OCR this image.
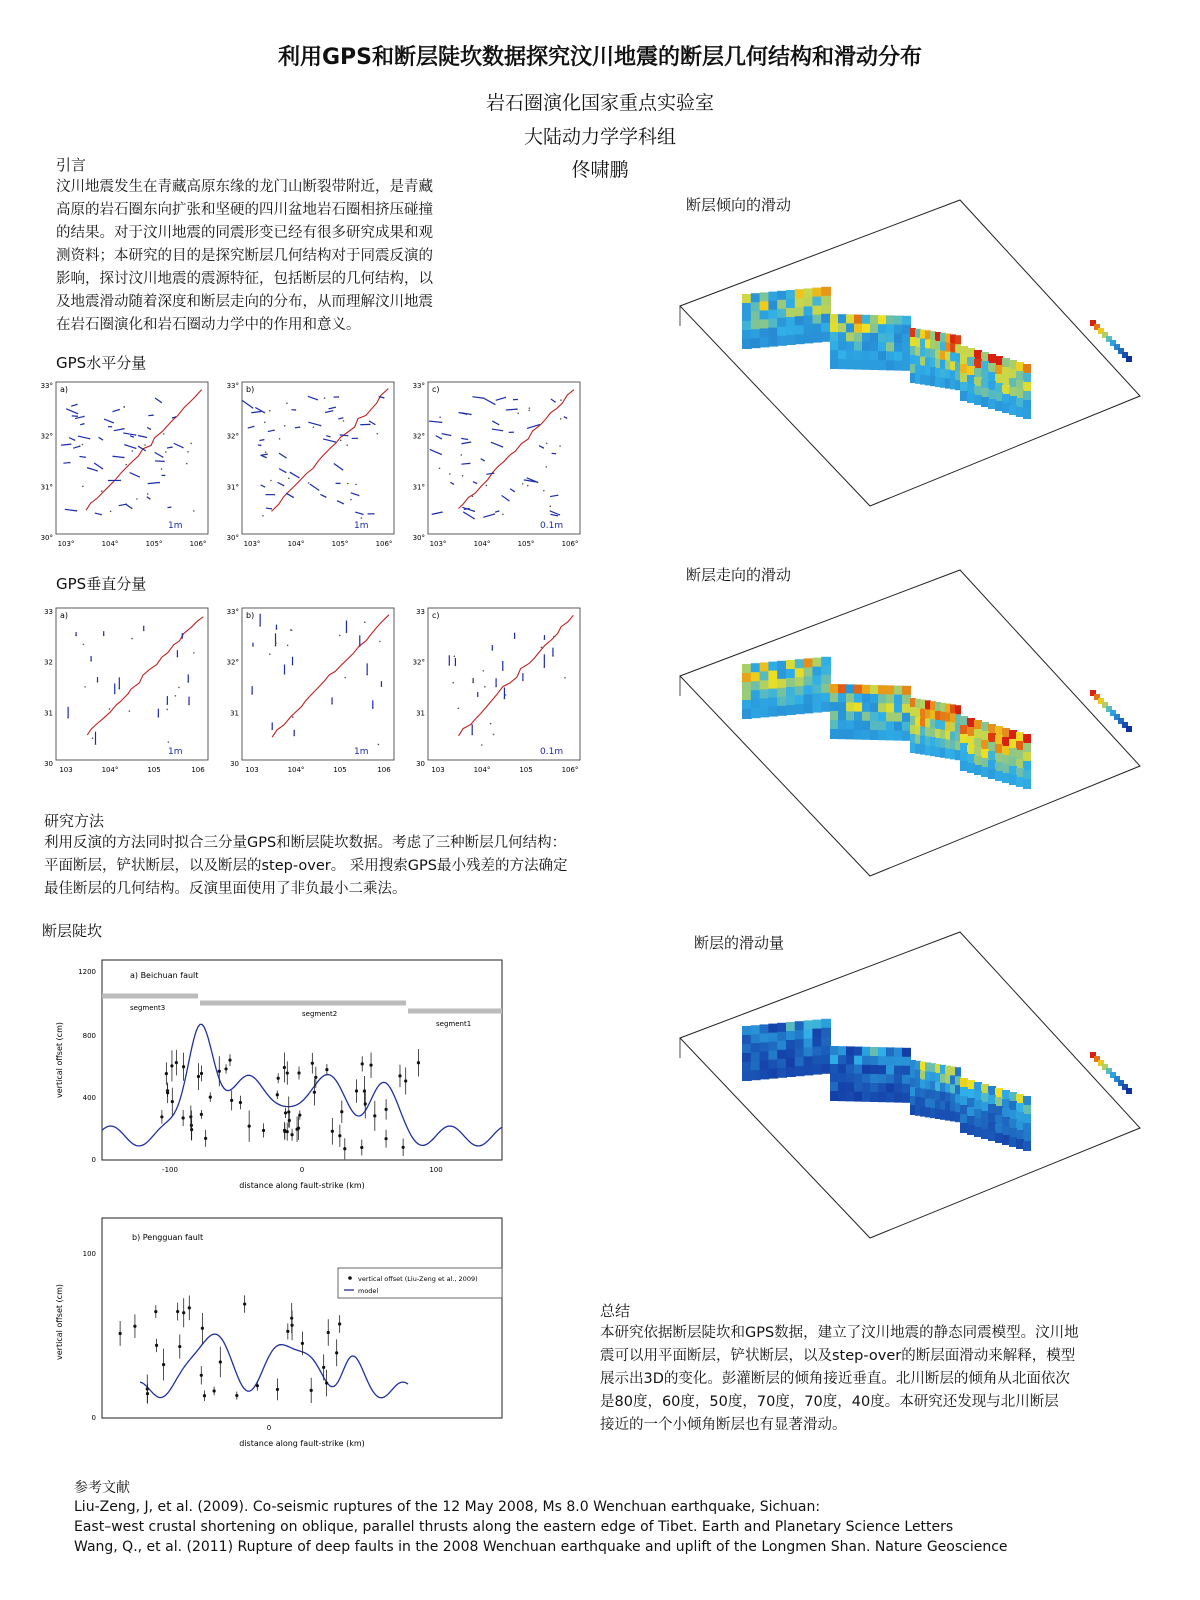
利用GPS和断层陡坎数据探究汶川地震的断层几何结构和滑动分布
岩石圈演化国家重点实验室
大陆动力学学科组
佟啸鹏
引言
汶川地震发生在青藏高原东缘的龙门山断裂带附近，是青藏
高原的岩石圈东向扩张和坚硬的四川盆地岩石圈相挤压碰撞
的结果。对于汶川地震的同震形变已经有很多研究成果和观
测资料；本研究的目的是探究断层几何结构对于同震反演的
影响，探讨汶川地震的震源特征，包括断层的几何结构，以
及地震滑动随着深度和断层走向的分布，从而理解汶川地震
在岩石圈演化和岩石圈动力学中的作用和意义。
GPS水平分量
a)
33°
32°
31°
30°
103°	104°	105°	106°
1m
b)
33°
32°
31°
30°
103°	104°	105°	106°
1m
c)
33°
32°
31°
30°
103°	104°	105°	106°
0.1m
GPS垂直分量
a)
33
32
31
30
103	104°	105	106
1m
b)
33°
32°
31
30
103	104°	105	106
1m
c)
33
32°
31
30
103	104°	105	106°
0.1m
研究方法
利用反演的方法同时拟合三分量GPS和断层陡坎数据。考虑了三种断层几何结构：
平面断层，铲状断层，以及断层的step-over。 采用搜索GPS最小残差的方法确定
最佳断层的几何结构。反演里面使用了非负最小二乘法。
断层陡坎
a) Beichuan fault
vertical offset (cm)
distance along fault-strike (km)
1200
800
400
0
-100	0	100
segment3
segment2
segment1
b) Pengguan fault
vertical offset (cm)
distance along fault-strike (km)
100
0
0
vertical offset (Liu-Zeng et al., 2009)
model
断层倾向的滑动
断层走向的滑动
断层的滑动量
总结
本研究依据断层陡坎和GPS数据，建立了汶川地震的静态同震模型。汶川地
震可以用平面断层，铲状断层，以及step-over的断层面滑动来解释，模型
展示出3D的变化。彭灌断层的倾角接近垂直。北川断层的倾角从北面依次
是80度，60度，50度，70度，70度，40度。本研究还发现与北川断层
接近的一个小倾角断层也有显著滑动。
参考文献
Liu-Zeng, J, et al. (2009). Co-seismic ruptures of the 12 May 2008, Ms 8.0 Wenchuan earthquake, Sichuan:
East–west crustal shortening on oblique, parallel thrusts along the eastern edge of Tibet. Earth and Planetary Science Letters
Wang, Q., et al. (2011) Rupture of deep faults in the 2008 Wenchuan earthquake and uplift of the Longmen Shan. Nature Geoscience
